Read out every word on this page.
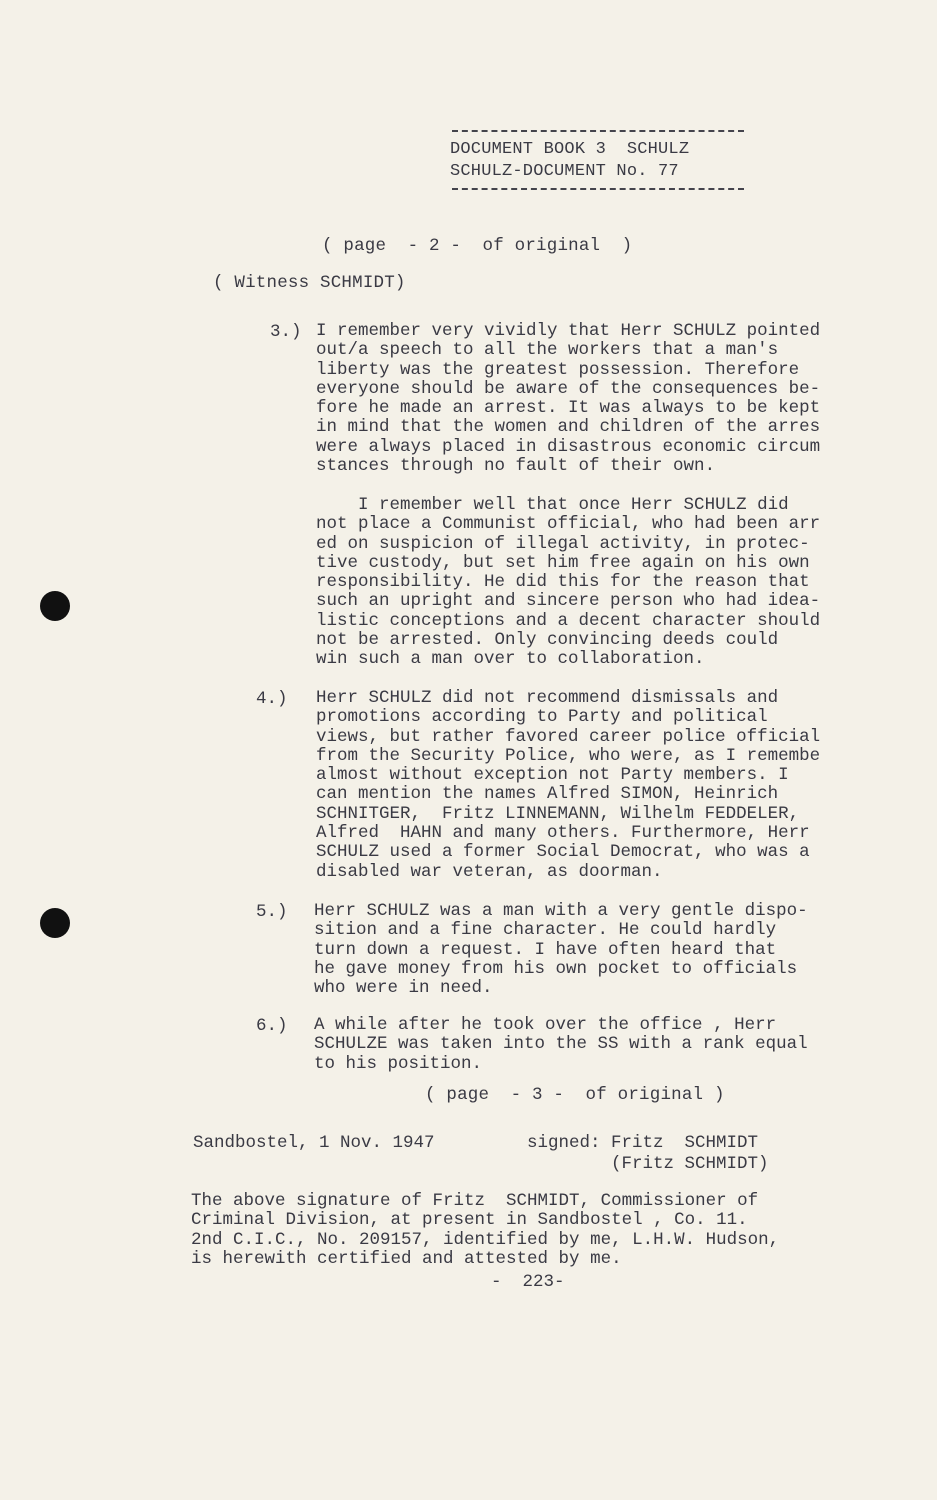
DOCUMENT BOOK 3  SCHULZ
SCHULZ-DOCUMENT No. 77
( page  - 2 -  of original  )
( Witness SCHMIDT)
3.) I remember very vividly that Herr SCHULZ pointed
out/a speech to all the workers that a man's
liberty was the greatest possession. Therefore
everyone should be aware of the consequences be-
fore he made an arrest. It was always to be kept
in mind that the women and children of the arres
were always placed in disastrous economic circum
stances through no fault of their own.
I remember well that once Herr SCHULZ did
not place a Communist official, who had been arr
ed on suspicion of illegal activity, in protec-
tive custody, but set him free again on his own
responsibility. He did this for the reason that
such an upright and sincere person who had idea-
listic conceptions and a decent character should
not be arrested. Only convincing deeds could
win such a man over to collaboration.
4.) Herr SCHULZ did not recommend dismissals and
promotions according to Party and political
views, but rather favored career police official
from the Security Police, who were, as I remembe
almost without exception not Party members. I
can mention the names Alfred SIMON, Heinrich
SCHNITGER,  Fritz LINNEMANN, Wilhelm FEDDELER,
Alfred  HAHN and many others. Furthermore, Herr
SCHULZ used a former Social Democrat, who was a
disabled war veteran, as doorman.
5.) Herr SCHULZ was a man with a very gentle dispo-
sition and a fine character. He could hardly
turn down a request. I have often heard that
he gave money from his own pocket to officials
who were in need.
6.) A while after he took over the office , Herr
SCHULZE was taken into the SS with a rank equal
to his position.
( page  - 3 -  of original )
Sandbostel, 1 Nov. 1947	signed: Fritz  SCHMIDT
(Fritz SCHMIDT)
The above signature of Fritz  SCHMIDT, Commissioner of
Criminal Division, at present in Sandbostel , Co. 11.
2nd C.I.C., No. 209157, identified by me, L.H.W. Hudson,
is herewith certified and attested by me.
-  223-
